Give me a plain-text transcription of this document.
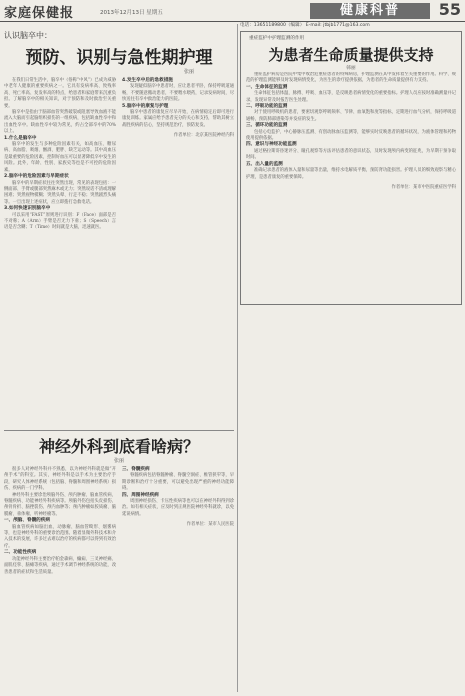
家庭保健报	2013年12月13日 星期五	健康科普	55
电话：13651189800（编辑） E-mail: jtbjb1771@163.com
认识脑卒中：
预防、识别与急性期护理
张丽

在我们日常生活中，脑卒中（俗称“中风”）已成为威胁中老年人健康的重要疾病之一。它具有发病率高、致残率高、死亡率高、复发率高的特点，给患者和家庭带来沉重负担。了解脑卒中的相关知识，对于预防和及时救治至关重要。

脑卒中是指由于脑部血管突然破裂或阻塞导致血液不能流入大脑而引起脑组织损伤的一组疾病，包括缺血性卒中和出血性卒中。缺血性卒中较为常见，约占全部卒中的70%以上。

1.什么是脑卒中

脑卒中的发生与多种危险因素有关，如高血压、糖尿病、高血脂、吸烟、酗酒、肥胖、缺乏运动等。其中高血压是最重要的危险因素，控制好血压可以显著降低卒中发生的风险。此外，年龄、性别、家族史等也是不可控的危险因素。

2.脑卒中的危险因素与早期症状

脑卒中的早期症状往往突然出现，常见的表现包括：一侧面部、手臂或腿部突然麻木或无力；突然说话不清或理解困难；突然视物模糊；突然头晕、行走不稳；突然剧烈头痛等。一旦出现上述症状，应立即拨打急救电话。

3.如何快速识别脑卒中

可以采用“FAST”原则进行识别：F（Face）面部是否不对称；A（Arm）手臂是否无力下垂；S（Speech）言语是否含糊；T（Time）时间就是大脑，迅速就医。

4.发生卒中后的急救措施

发现疑似脑卒中患者时，应让患者平卧，保持呼吸道通畅，不要随意搬动患者，不要喂水喂药，记录发病时间，尽快送往有卒中救治能力的医院。

5.脑卒中的康复与护理

脑卒中患者的康复应尽早开始，在病情稳定后即可进行康复训练。家属应给予患者充分的关心和支持，帮助其树立战胜疾病的信心，坚持规范治疗，预防复发。

作者单位：北京某医院神经内科

神经外科到底看啥病？
张丽

很多人对神经外科并不熟悉，以为神经外科就是做“开颅手术”的科室。其实，神经外科是以手术为主要治疗手段，研究人体神经系统（包括脑、脊髓和周围神经系统）损伤、疾病的一门学科。

神经外科主要诊治颅脑外伤、颅内肿瘤、脑血管疾病、脊髓疾病、功能神经外科疾病等。颅脑外伤包括头皮损伤、颅骨骨折、脑挫裂伤、颅内血肿等；颅内肿瘤如胶质瘤、脑膜瘤、垂体瘤、听神经瘤等。

一、颅脑、脊髓的疾病

脑血管疾病如脑出血、动脉瘤、脑血管畸形、烟雾病等，也是神经外科的重要诊治范围。随着显微外科技术和介入技术的发展，许多过去难以治疗的疾病都可以得到有效治疗。

二、功能性疾病

功能神经外科主要治疗帕金森病、癫痫、三叉神经痛、面肌痉挛、脑瘫等疾病，通过手术调节神经系统的功能，改善患者的症状和生活质量。

三、脊髓疾病

脊髓疾病包括脊髓肿瘤、脊髓空洞症、椎管狭窄等，早期诊断和治疗十分重要，可以避免出现严重的神经功能障碍。

四、周围神经疾病

周围神经损伤、卡压性疾病等也可以在神经外科得到诊治。如有相关症状，应及时到正规医院神经外科就诊，以免延误病情。

作者单位：某市人民医院

重症监护中护理监测的作用
为患者生命质量提供支持
韩丽

重症监护病房是医院中集中收治危重症患者的特殊病房，护理监测在其中发挥着至关重要的作用。科学、规范的护理监测能够及时发现病情变化，为医生的诊疗提供依据，为患者的生命质量提供有力支持。

一、生命体征的监测

生命体征包括体温、脉搏、呼吸、血压等，是反映患者病情变化的重要指标。护理人员应按时准确测量并记录，发现异常及时报告医生处理。

二、呼吸功能的监测

对于使用呼吸机的患者，要密切观察呼吸频率、节律、血氧饱和度等指标，定期进行血气分析，保持呼吸道通畅，预防肺部感染等并发症的发生。

三、循环功能的监测

包括心电监护、中心静脉压监测、有创动脉血压监测等，能够实时反映患者的循环状况，为液体管理和药物使用提供依据。

四、意识与神经功能监测

通过格拉斯哥昏迷评分、瞳孔观察等方法评估患者的意识状态，及时发现颅内病变的征兆，为早期干预争取时间。

五、出入量的监测

准确记录患者的液体入量和尿量等出量，维持水电解质平衡，预防肾功能损害。护理人员的细致观察与精心护理，是患者康复的重要保障。

作者单位：某市中医院重症医学科
